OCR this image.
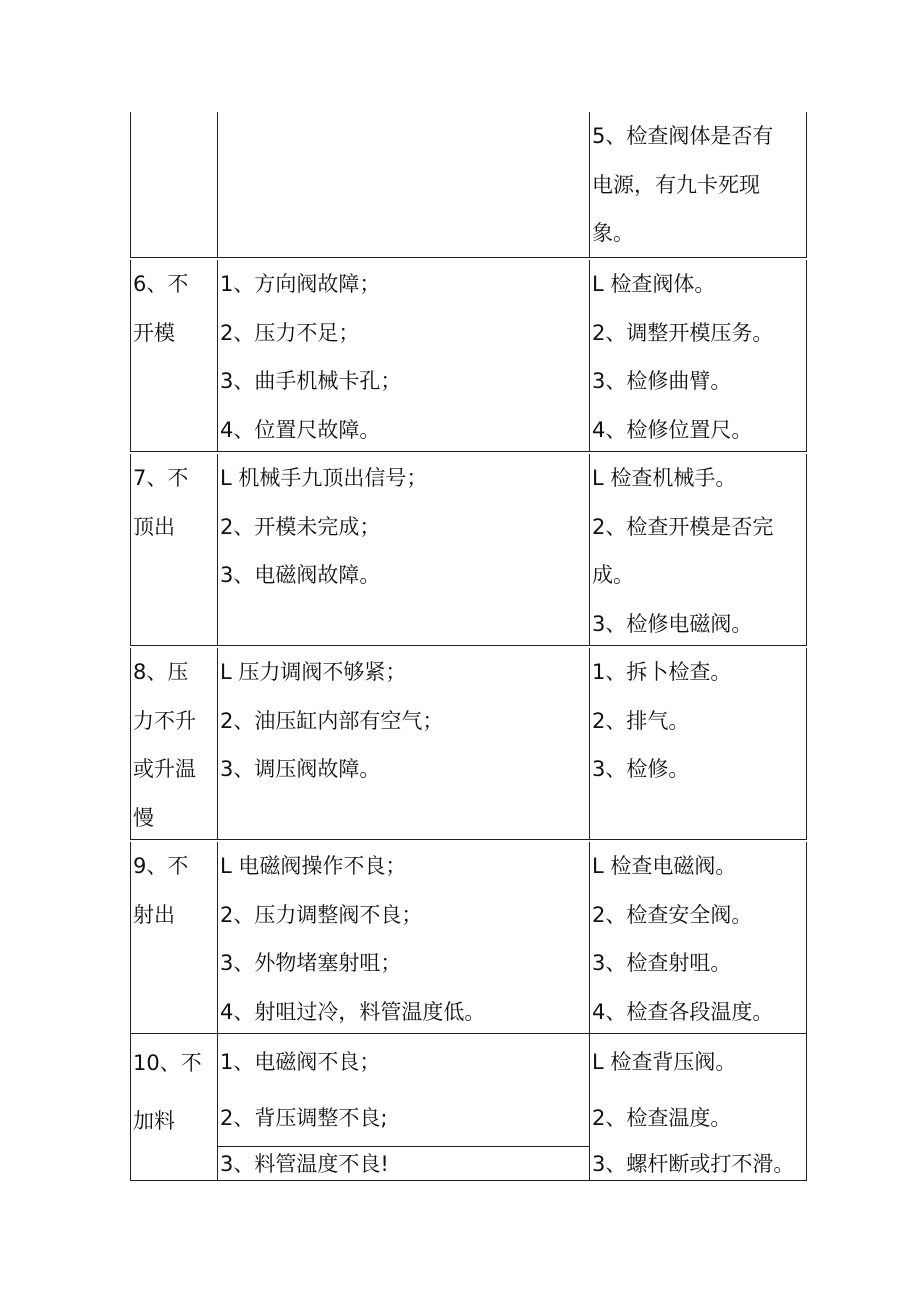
5、检查阀体是否有
电源，有九卡死现
象。
6、不
开模
1、方向阀故障；
2、压力不足；
3、曲手机械卡孔；
4、位置尺故障。
L 检查阀体。
2、调整开模压务。
3、检修曲臂。
4、检修位置尺。
7、不
顶出
L 机械手九顶出信号；
2、开模未完成；
3、电磁阀故障。
L 检查机械手。
2、检查开模是否完
成。
3、检修电磁阀。
8、压
力不升
或升温
慢
L 压力调阀不够紧；
2、油压缸内部有空气；
3、调压阀故障。
1、拆卜检查。
2、排气。
3、检修。
9、不
射出
L 电磁阀操作不良；
2、压力调整阀不良；
3、外物堵塞射咀；
4、射咀过冷，料管温度低。
L 检查电磁阀。
2、检查安全阀。
3、检查射咀。
4、检查各段温度。
10、不
加料
1、电磁阀不良；
2、背压调整不良;
3、料管温度不良!
L 检查背压阀。
2、检查温度。
3、螺杆断或打不滑。
